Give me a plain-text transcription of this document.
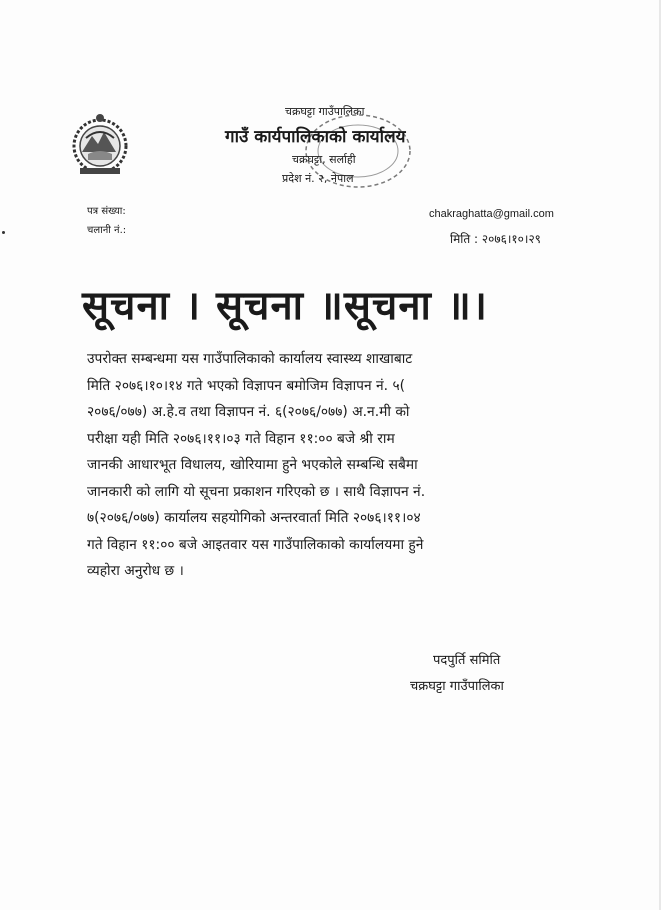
चक्रघट्टा गाउँपालिका
गाउँ कार्यपालिकाको कार्यालय
चक्रघट्टा, सर्लाही
प्रदेश नं. २, नेपाल
पत्र संख्या:
चलानी नं.:
chakraghatta@gmail.com
मिति : २०७६।१०।२९
सूचना । सूचना ॥सूचना ॥।
उपरोक्त सम्बन्धमा यस गाउँपालिकाको कार्यालय स्वास्थ्य शाखाबाट
मिति २०७६।१०।१४ गते भएको विज्ञापन बमोजिम विज्ञापन नं. ५(
२०७६/०७७) अ.हे.व तथा विज्ञापन नं. ६(२०७६/०७७) अ.न.मी को
परीक्षा यही मिति २०७६।११।०३ गते विहान ११:०० बजे श्री राम
जानकी आधारभूत विधालय, खोरियामा हुने भएकोले सम्बन्धि सबैमा
जानकारी को लागि यो सूचना प्रकाशन गरिएको छ । साथै विज्ञापन नं.
७(२०७६/०७७) कार्यालय सहयोगिको अन्तरवार्ता मिति २०७६।११।०४
गते विहान ११:०० बजे आइतवार यस गाउँपालिकाको कार्यालयमा हुने
व्यहोरा अनुरोध छ ।
पदपुर्ति समिति
चक्रघट्टा गाउँपालिका
